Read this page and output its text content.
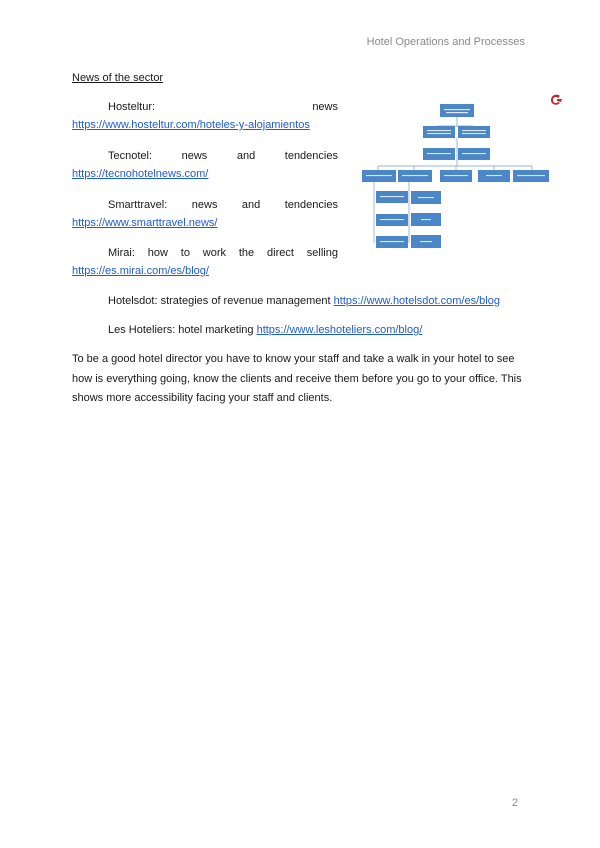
Hotel Operations and Processes
News of the sector
Hosteltur:	news
https://www.hosteltur.com/hoteles-y-alojamientos
Tecnotel:	news	and	tendencies
https://tecnohotelnews.com/
Smarttravel: news and tendencies
https://www.smarttravel.news/
Mirai: how to work the direct selling
https://es.mirai.com/es/blog/
Hotelsdot: strategies of revenue management https://www.hotelsdot.com/es/blog
Les Hoteliers: hotel marketing https://www.leshoteliers.com/blog/
To be a good hotel director you have to know your staff and take a walk in your hotel to see how is everything going, know the clients and receive them before you go to your office. This shows more accessibility facing your staff and clients.
2
